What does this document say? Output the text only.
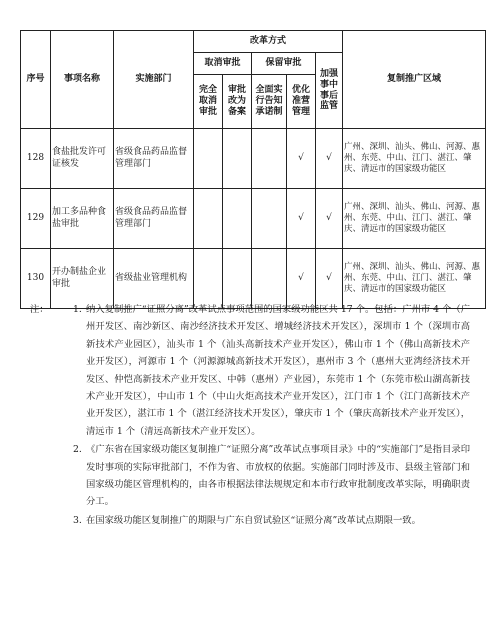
序号	事项名称	实施部门	改革方式					复制推广区域
			取消审批		保留审批		加强事中事后监管	
			完全取消审批	审批改为备案	全面实行告知承诺制	优化准营管理		
128	食盐批发许可证核发	省级食品药品监督管理部门				√	√	广州、深圳、汕头、佛山、河源、惠州、东莞、中山、江门、湛江、肇庆、清远市的国家级功能区
129	加工多品种食盐审批	省级食品药品监督管理部门				√	√	广州、深圳、汕头、佛山、河源、惠州、东莞、中山、江门、湛江、肇庆、清远市的国家级功能区
130	开办制盐企业审批	省级盐业管理机构				√	√	广州、深圳、汕头、佛山、河源、惠州、东莞、中山、江门、湛江、肇庆、清远市的国家级功能区
注：	1. 纳入复制推广“证照分离”改革试点事项范围的国家级功能区共 17 个。包括：广州市 4 个（广州开发区、南沙新区、南沙经济技术开发区、增城经济技术开发区），深圳市 1 个（深圳市高新技术产业园区），汕头市 1 个（汕头高新技术产业开发区），佛山市 1 个（佛山高新技术产业开发区），河源市 1 个（河源源城高新技术开发区），惠州市 3 个（惠州大亚湾经济技术开发区、仲恺高新技术产业开发区、中韩（惠州）产业园），东莞市 1 个（东莞市松山湖高新技术产业开发区），中山市 1 个（中山火炬高技术产业开发区），江门市 1 个（江门高新技术产业开发区），湛江市 1 个（湛江经济技术开发区），肇庆市 1 个（肇庆高新技术产业开发区），清远市 1 个（清远高新技术产业开发区）。
2. 《广东省在国家级功能区复制推广“证照分离”改革试点事项目录》中的“实施部门”是指目录印发时事项的实际审批部门，不作为省、市放权的依据。实施部门同时涉及市、县级主管部门和国家级功能区管理机构的，由各市根据法律法规规定和本市行政审批制度改革实际，明确职责分工。
3. 在国家级功能区复制推广的期限与广东自贸试验区“证照分离”改革试点期限一致。
